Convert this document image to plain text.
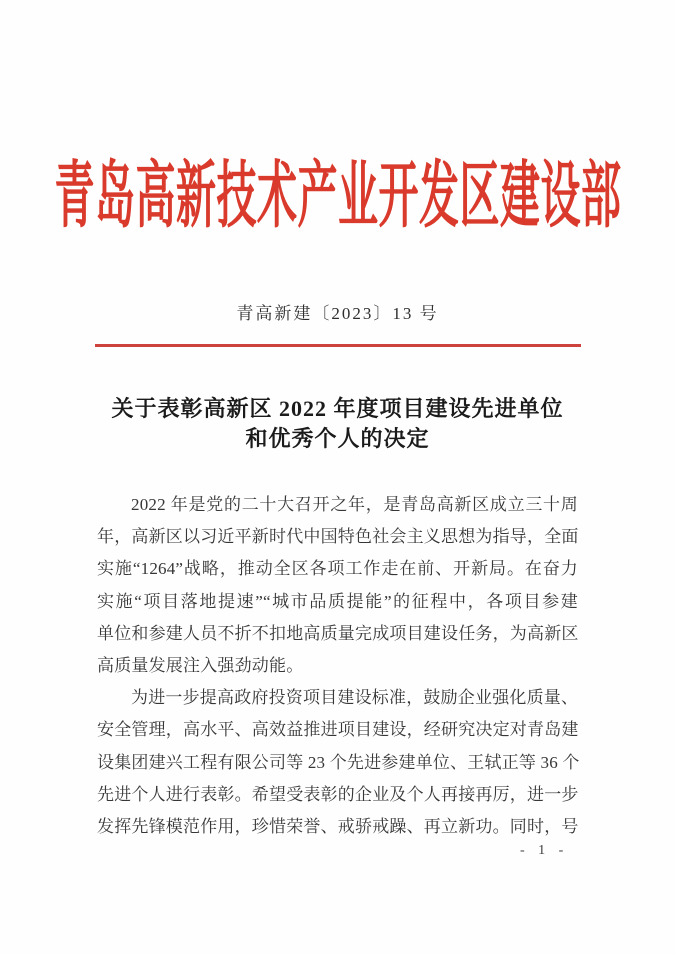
青岛高新技术产业开发区建设部
青高新建〔2023〕13 号
关于表彰高新区 2022 年度项目建设先进单位
和优秀个人的决定
2022 年是党的二十大召开之年，是青岛高新区成立三十周
年，高新区以习近平新时代中国特色社会主义思想为指导，全面
实施“1264”战略，推动全区各项工作走在前、开新局。在奋力
实施“项目落地提速”“城市品质提能”的征程中，各项目参建
单位和参建人员不折不扣地高质量完成项目建设任务，为高新区
高质量发展注入强劲动能。
为进一步提高政府投资项目建设标准，鼓励企业强化质量、
安全管理，高水平、高效益推进项目建设，经研究决定对青岛建
设集团建兴工程有限公司等 23 个先进参建单位、王轼正等 36 个
先进个人进行表彰。希望受表彰的企业及个人再接再厉，进一步
发挥先锋模范作用，珍惜荣誉、戒骄戒躁、再立新功。同时，号
- 1 -
